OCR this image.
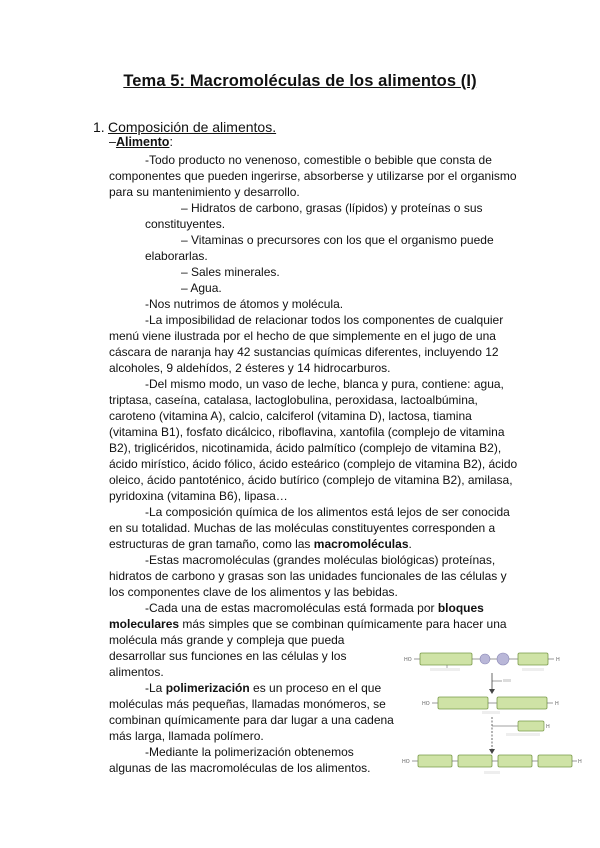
Tema 5: Macromoléculas de los alimentos (I)
1. Composición de alimentos.
–Alimento:
-Todo producto no venenoso, comestible o bebible que consta de
componentes que pueden ingerirse, absorberse y utilizarse por el organismo
para su mantenimiento y desarrollo.
– Hidratos de carbono, grasas (lípidos) y proteínas o sus
constituyentes.
– Vitaminas o precursores con los que el organismo puede
elaborarlas.
– Sales minerales.
– Agua.
-Nos nutrimos de átomos y molécula.
-La imposibilidad de relacionar todos los componentes de cualquier
menú viene ilustrada por el hecho de que simplemente en el jugo de una
cáscara de naranja hay 42 sustancias químicas diferentes, incluyendo 12
alcoholes, 9 aldehídos, 2 ésteres y 14 hidrocarburos.
-Del mismo modo, un vaso de leche, blanca y pura, contiene: agua,
triptasa, caseína, catalasa, lactoglobulina, peroxidasa, lactoalbúmina,
caroteno (vitamina A), calcio, calciferol (vitamina D), lactosa, tiamina
(vitamina B1), fosfato dicálcico, riboflavina, xantofila (complejo de vitamina
B2), triglicéridos, nicotinamida, ácido palmítico (complejo de vitamina B2),
ácido mirístico, ácido fólico, ácido esteárico (complejo de vitamina B2), ácido
oleico, ácido pantoténico, ácido butírico (complejo de vitamina B2), amilasa,
pyridoxina (vitamina B6), lipasa…
-La composición química de los alimentos está lejos de ser conocida
en su totalidad. Muchas de las moléculas constituyentes corresponden a
estructuras de gran tamaño, como las macromoléculas.
-Estas macromoléculas (grandes moléculas biológicas) proteínas,
hidratos de carbono y grasas son las unidades funcionales de las células y
los componentes clave de los alimentos y las bebidas.
-Cada una de estas macromoléculas está formada por bloques
moleculares más simples que se combinan químicamente para hacer una
molécula más grande y compleja que pueda
desarrollar sus funciones en las células y los
alimentos.
-La polimerización es un proceso en el que
moléculas más pequeñas, llamadas monómeros, se
combinan químicamente para dar lugar a una cadena
más larga, llamada polímero.
-Mediante la polimerización obtenemos
algunas de las macromoléculas de los alimentos.
HO	H
HO	H
H
HO	H
